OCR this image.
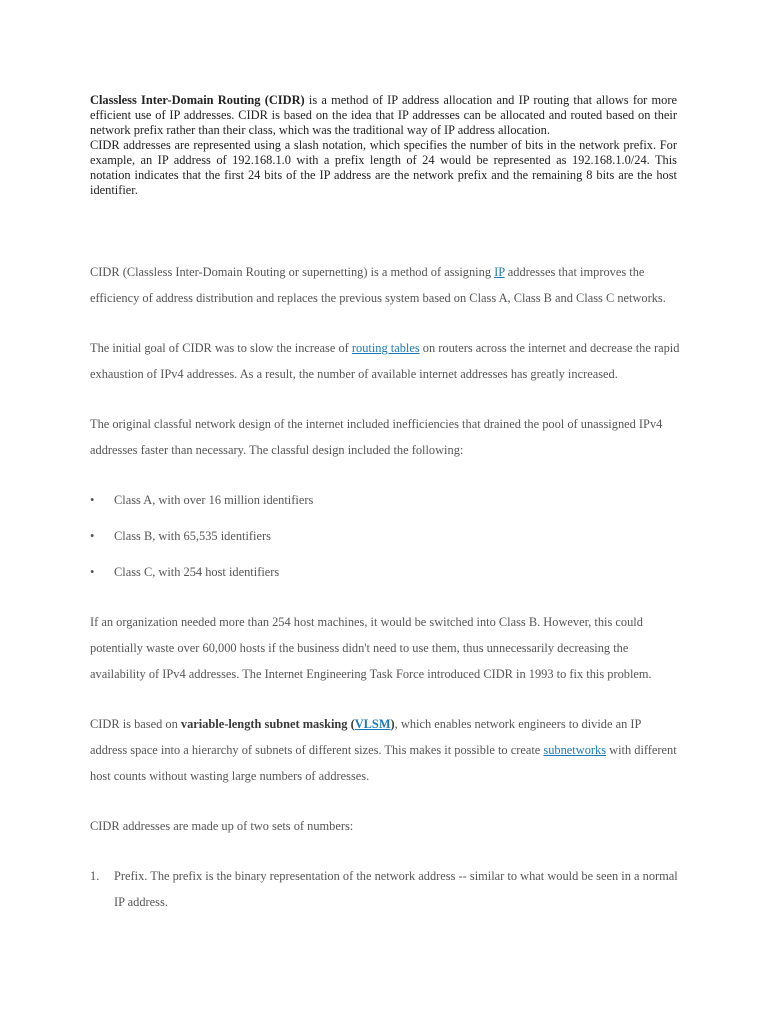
Classless Inter-Domain Routing (CIDR) is a method of IP address allocation and IP routing that allows for more efficient use of IP addresses. CIDR is based on the idea that IP addresses can be allocated and routed based on their network prefix rather than their class, which was the traditional way of IP address allocation.

CIDR addresses are represented using a slash notation, which specifies the number of bits in the network prefix. For example, an IP address of 192.168.1.0 with a prefix length of 24 would be represented as 192.168.1.0/24. This notation indicates that the first 24 bits of the IP address are the network prefix and the remaining 8 bits are the host identifier.

CIDR (Classless Inter-Domain Routing or supernetting) is a method of assigning IP addresses that improves the efficiency of address distribution and replaces the previous system based on Class A, Class B and Class C networks.

The initial goal of CIDR was to slow the increase of routing tables on routers across the internet and decrease the rapid exhaustion of IPv4 addresses. As a result, the number of available internet addresses has greatly increased.

The original classful network design of the internet included inefficiencies that drained the pool of unassigned IPv4 addresses faster than necessary. The classful design included the following:

• Class A, with over 16 million identifiers
• Class B, with 65,535 identifiers
• Class C, with 254 host identifiers

If an organization needed more than 254 host machines, it would be switched into Class B. However, this could potentially waste over 60,000 hosts if the business didn't need to use them, thus unnecessarily decreasing the availability of IPv4 addresses. The Internet Engineering Task Force introduced CIDR in 1993 to fix this problem.

CIDR is based on variable-length subnet masking (VLSM), which enables network engineers to divide an IP address space into a hierarchy of subnets of different sizes. This makes it possible to create subnetworks with different host counts without wasting large numbers of addresses.

CIDR addresses are made up of two sets of numbers:

1. Prefix. The prefix is the binary representation of the network address -- similar to what would be seen in a normal IP address.
